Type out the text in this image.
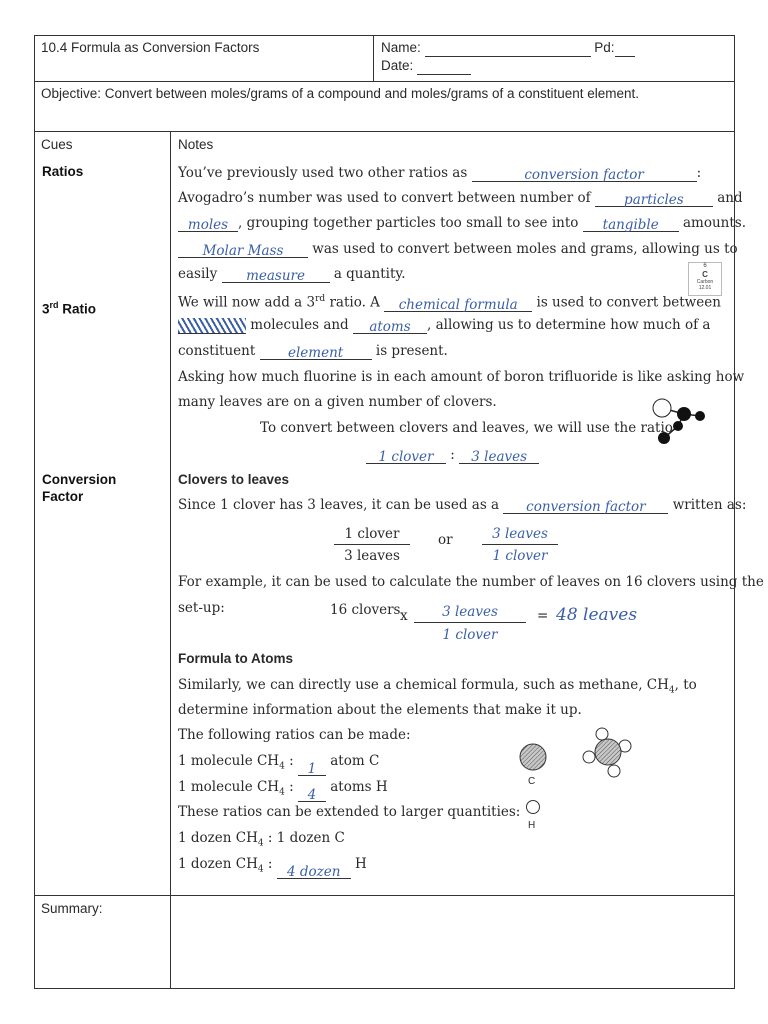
10.4 Formula as Conversion Factors	Name:	Pd:
Date:
Objective: Convert between moles/grams of a compound and moles/grams of a constituent element.
Cues	Notes
Ratios
3rd Ratio
Conversion
Factor
You’ve previously used two other ratios as	conversion factor	:
Avogadro’s number was used to convert between number of particles and
moles , grouping together particles too small to see into tangible amounts.
Molar Mass was used to convert between moles and grams, allowing us to
easily measure a quantity.	6
C
Carbon
12.01
We will now add a 3rd ratio. A chemical formula is used to convert between
molecules and atoms , allowing us to determine how much of a
constituent element is present.
Asking how much fluorine is in each amount of boron trifluoride is like asking how
many leaves are on a given number of clovers.
To convert between clovers and leaves, we will use the ratio
1 clover : 3 leaves
Clovers to leaves
Since 1 clover has 3 leaves, it can be used as a conversion factor written as:
1 clover
3 leaves
or	3 leaves
1 clover
For example, it can be used to calculate the number of leaves on 16 clovers using the
set-up:	16 clovers x	3 leaves
1 clover
= 48 leaves
Formula to Atoms
Similarly, we can directly use a chemical formula, such as methane, $CH_4$, to
determine information about the elements that make it up.
The following ratios can be made:
1 molecule $CH_4$ : 1 atom C
1 molecule $CH_4$ : 4 atoms H
These ratios can be extended to larger quantities:
1 dozen $CH_4$ : 1 dozen C
1 dozen $CH_4$ : 4 dozen H
C
H
Summary:
